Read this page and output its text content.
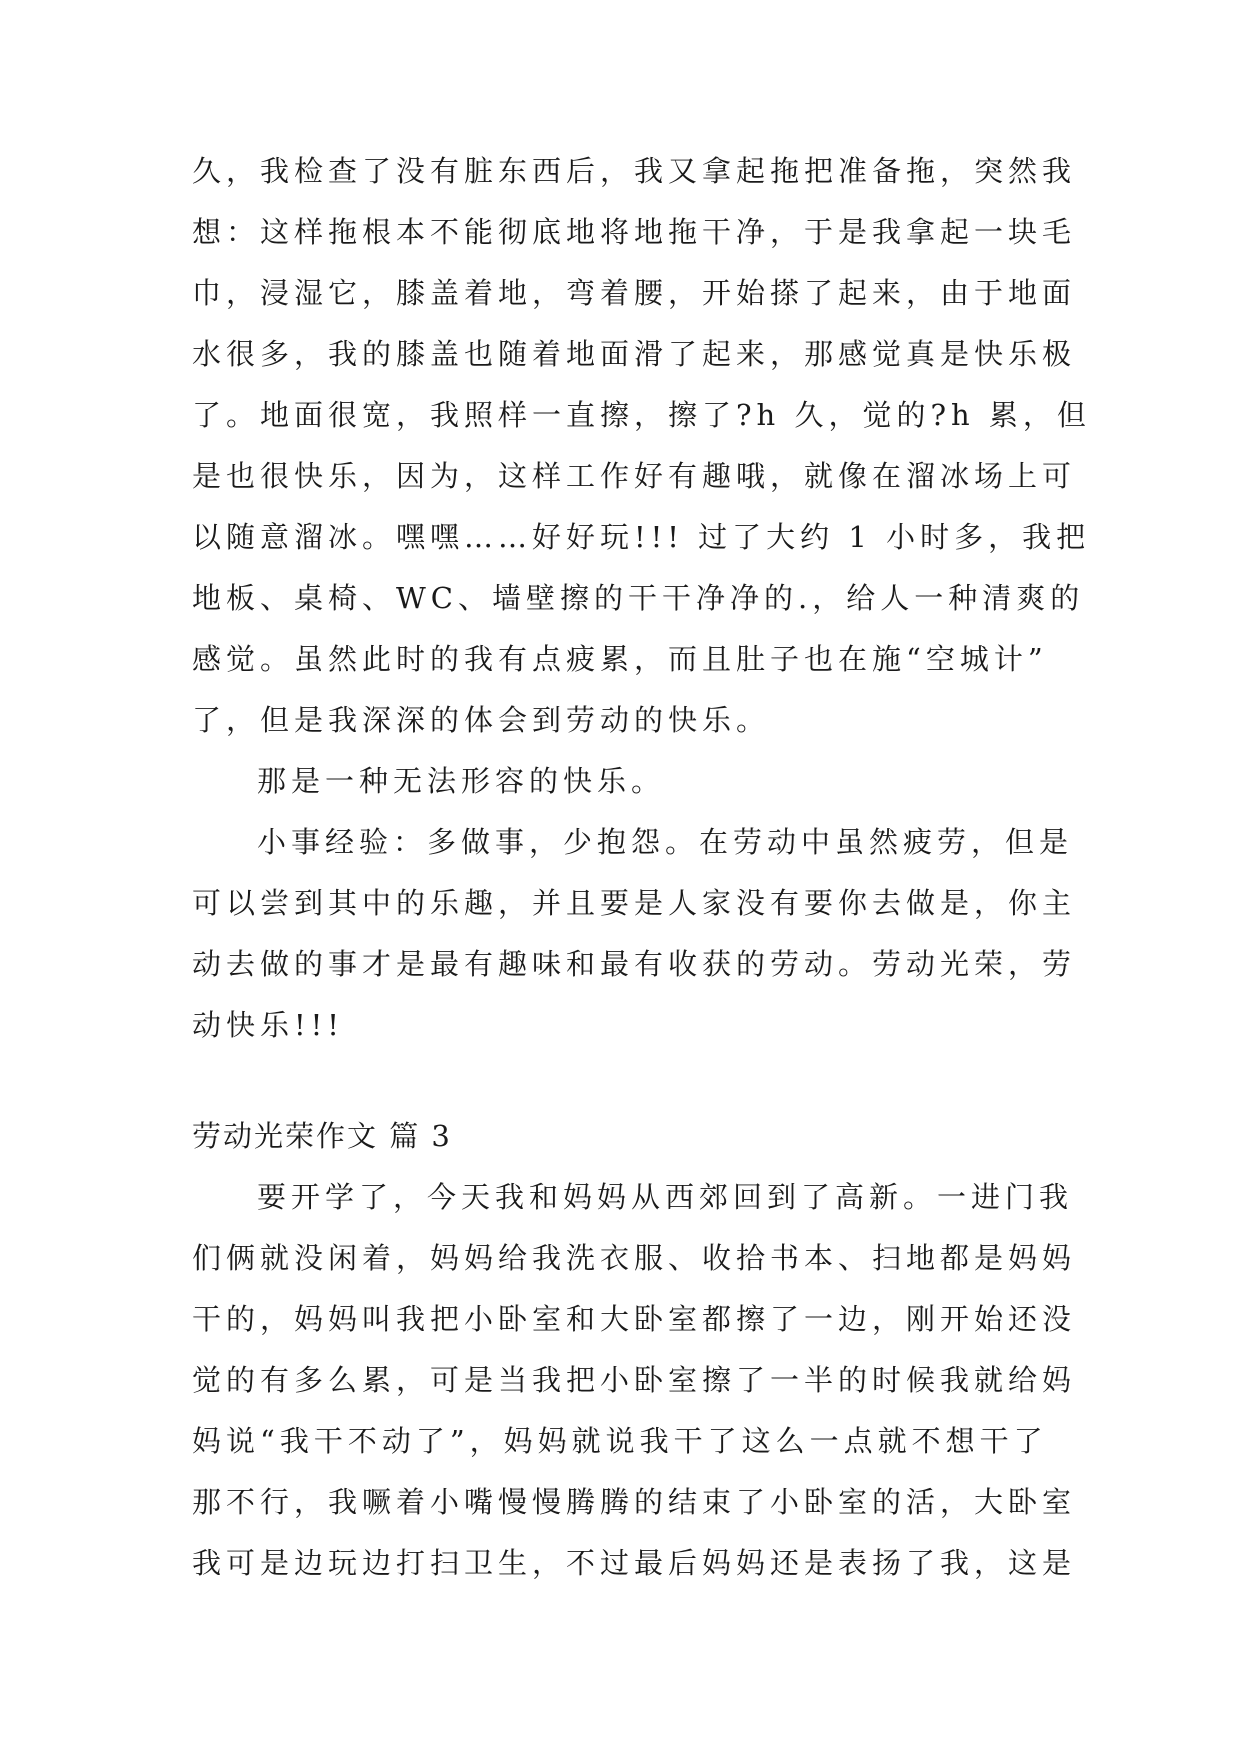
久，我检查了没有脏东西后，我又拿起拖把准备拖，突然我
想：这样拖根本不能彻底地将地拖干净，于是我拿起一块毛
巾，浸湿它，膝盖着地，弯着腰，开始搽了起来，由于地面
水很多，我的膝盖也随着地面滑了起来，那感觉真是快乐极
了。地面很宽，我照样一直擦，擦了?h 久，觉的?h 累，但
是也很快乐，因为，这样工作好有趣哦，就像在溜冰场上可
以随意溜冰。嘿嘿……好好玩!!! 过了大约 1 小时多，我把
地板、桌椅、WC、墙壁擦的干干净净的.，给人一种清爽的
感觉。虽然此时的我有点疲累，而且肚子也在施“空城计”
了，但是我深深的体会到劳动的快乐。
那是一种无法形容的快乐。
小事经验：多做事，少抱怨。在劳动中虽然疲劳，但是
可以尝到其中的乐趣，并且要是人家没有要你去做是，你主
动去做的事才是最有趣味和最有收获的劳动。劳动光荣，劳
动快乐!!!
劳动光荣作文 篇 3
要开学了，今天我和妈妈从西郊回到了高新。一进门我
们俩就没闲着，妈妈给我洗衣服、收拾书本、扫地都是妈妈
干的，妈妈叫我把小卧室和大卧室都擦了一边，刚开始还没
觉的有多么累，可是当我把小卧室擦了一半的时候我就给妈
妈说“我干不动了”，妈妈就说我干了这么一点就不想干了
那不行，我噘着小嘴慢慢腾腾的结束了小卧室的活，大卧室
我可是边玩边打扫卫生，不过最后妈妈还是表扬了我，这是
